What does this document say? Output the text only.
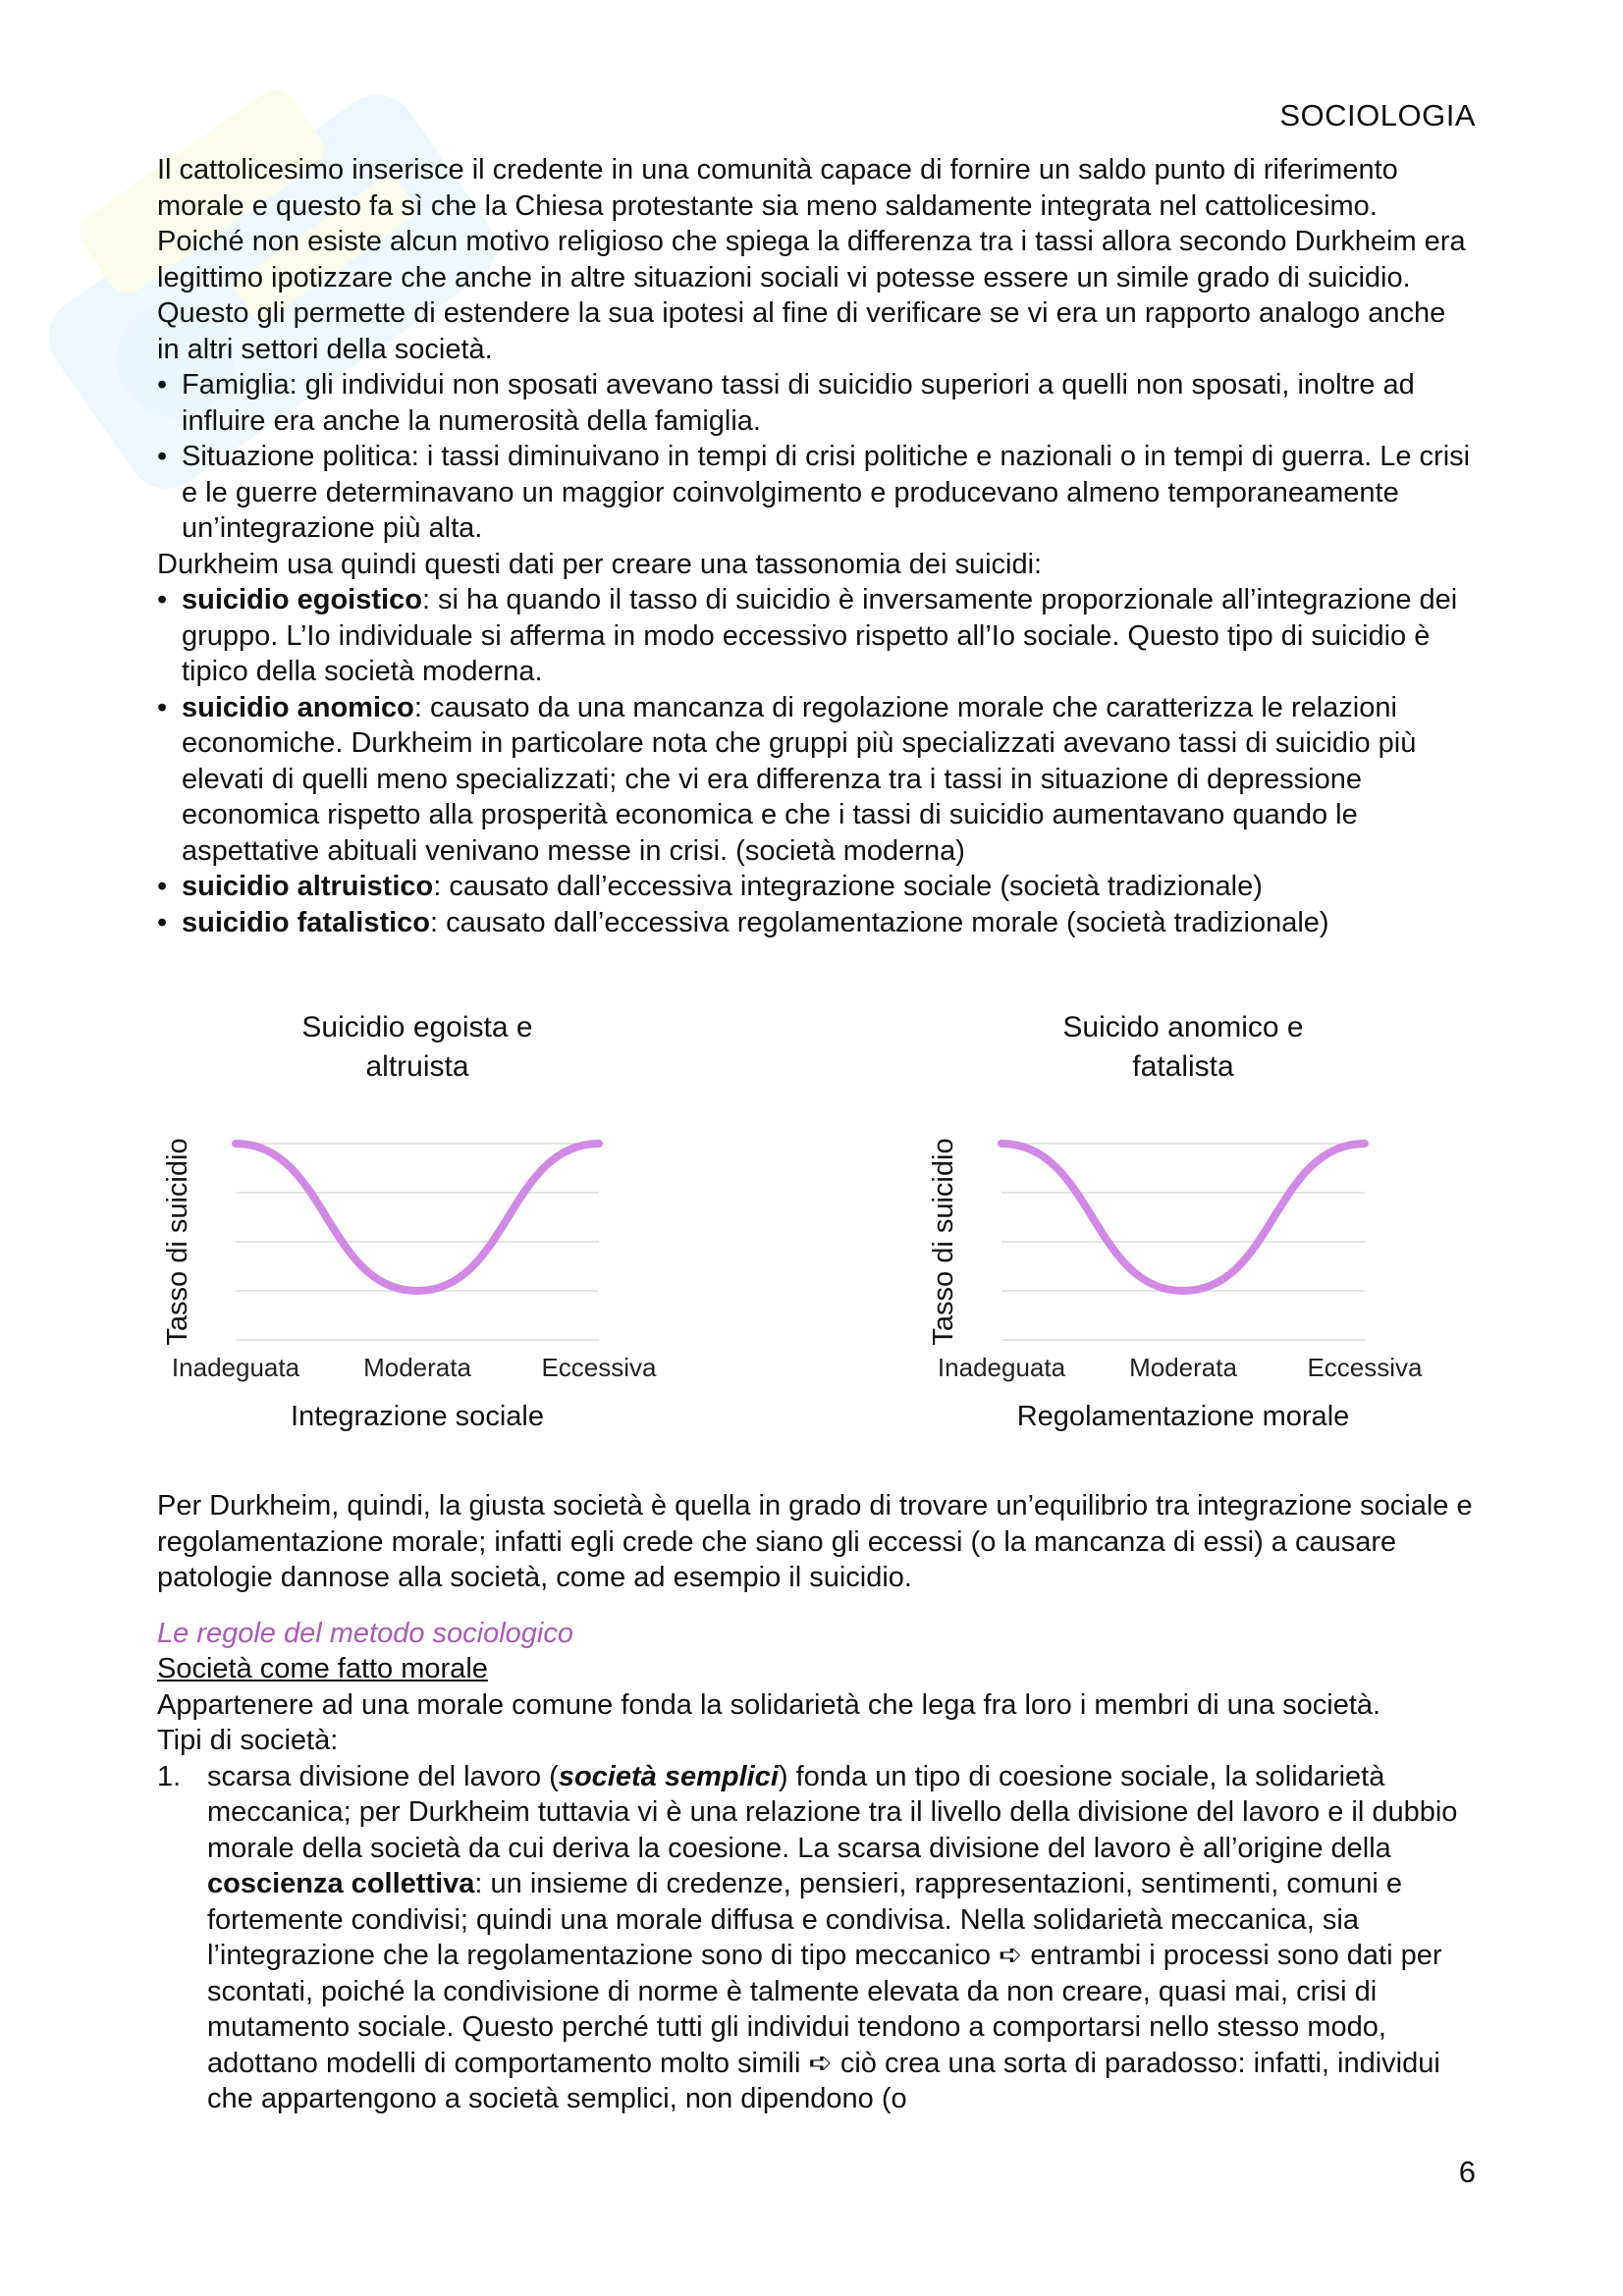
SOCIOLOGIA

Il cattolicesimo inserisce il credente in una comunità capace di fornire un saldo punto di riferimento morale e questo fa sì che la Chiesa protestante sia meno saldamente integrata nel cattolicesimo.

Poiché non esiste alcun motivo religioso che spiega la differenza tra i tassi allora secondo Durkheim era legittimo ipotizzare che anche in altre situazioni sociali vi potesse essere un simile grado di suicidio.

Questo gli permette di estendere la sua ipotesi al fine di verificare se vi era un rapporto analogo anche in altri settori della società.

• Famiglia: gli individui non sposati avevano tassi di suicidio superiori a quelli non sposati, inoltre ad influire era anche la numerosità della famiglia.
• Situazione politica: i tassi diminuivano in tempi di crisi politiche e nazionali o in tempi di guerra. Le crisi e le guerre determinavano un maggior coinvolgimento e producevano almeno temporaneamente un’integrazione più alta.

Durkheim usa quindi questi dati per creare una tassonomia dei suicidi:

• suicidio egoistico: si ha quando il tasso di suicidio è inversamente proporzionale all’integrazione dei gruppo. L’Io individuale si afferma in modo eccessivo rispetto all’Io sociale. Questo tipo di suicidio è tipico della società moderna.
• suicidio anomico: causato da una mancanza di regolazione morale che caratterizza le relazioni economiche. Durkheim in particolare nota che gruppi più specializzati avevano tassi di suicidio più elevati di quelli meno specializzati; che vi era differenza tra i tassi in situazione di depressione economica rispetto alla prosperità economica e che i tassi di suicidio aumentavano quando le aspettative abituali venivano messe in crisi. (società moderna)
• suicidio altruistico: causato dall’eccessiva integrazione sociale (società tradizionale)
• suicidio fatalistico: causato dall’eccessiva regolamentazione morale (società tradizionale)
Suicidio egoista e
altruista
Tasso di suicidio
Inadeguata	Moderata	Eccessiva
Integrazione sociale
Suicido anomico e
fatalista
Tasso di suicidio
Inadeguata	Moderata	Eccessiva
Regolamentazione morale

Per Durkheim, quindi, la giusta società è quella in grado di trovare un’equilibrio tra integrazione sociale e regolamentazione morale; infatti egli crede che siano gli eccessi (o la mancanza di essi) a causare patologie dannose alla società, come ad esempio il suicidio.

Le regole del metodo sociologico

Società come fatto morale

Appartenere ad una morale comune fonda la solidarietà che lega fra loro i membri di una società.

Tipi di società:

1. scarsa divisione del lavoro (società semplici) fonda un tipo di coesione sociale, la solidarietà meccanica; per Durkheim tuttavia vi è una relazione tra il livello della divisione del lavoro e il dubbio morale della società da cui deriva la coesione. La scarsa divisione del lavoro è all’origine della coscienza collettiva: un insieme di credenze, pensieri, rappresentazioni, sentimenti, comuni e fortemente condivisi; quindi una morale diffusa e condivisa. Nella solidarietà meccanica, sia l’integrazione che la regolamentazione sono di tipo meccanico ➪ entrambi i processi sono dati per scontati, poiché la condivisione di norme è talmente elevata da non creare, quasi mai, crisi di mutamento sociale. Questo perché tutti gli individui tendono a comportarsi nello stesso modo, adottano modelli di comportamento molto simili ➪ ciò crea una sorta di paradosso: infatti, individui che appartengono a società semplici, non dipendono (o
6
